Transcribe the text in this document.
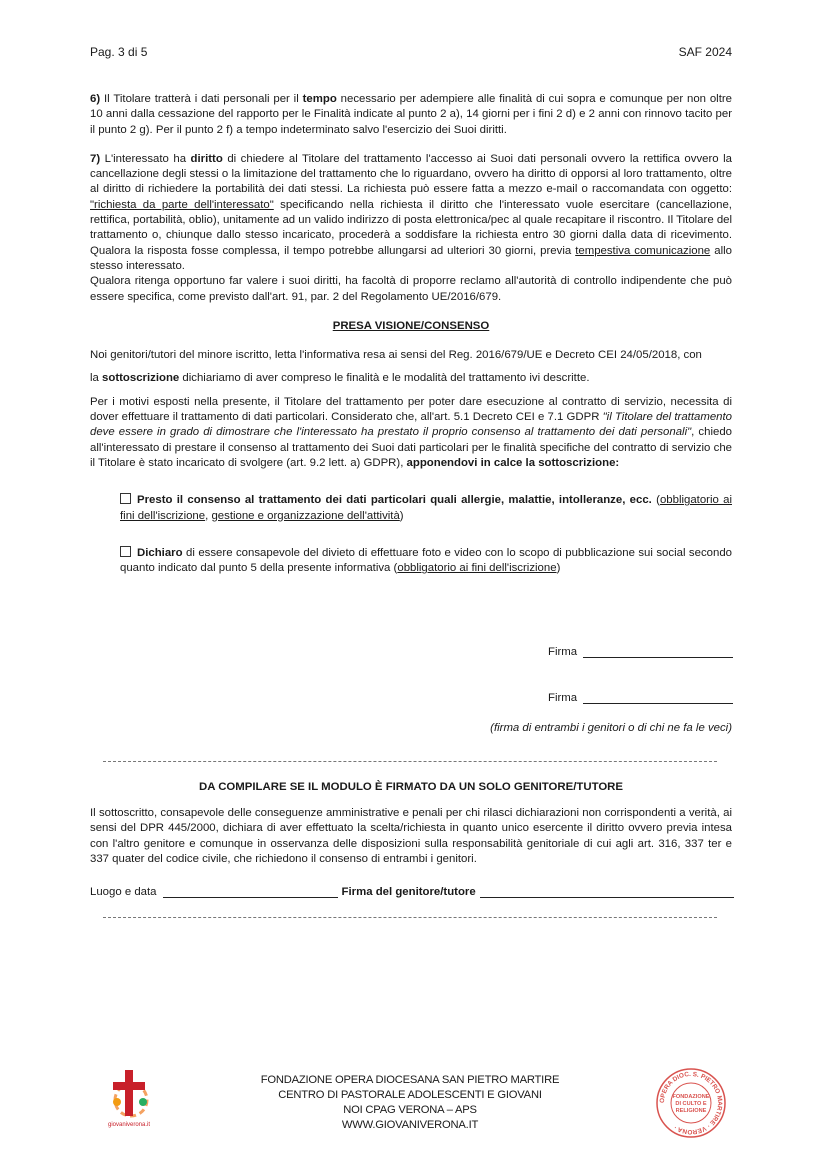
Pag. 3 di 5	SAF 2024

6) Il Titolare tratterà i dati personali per il tempo necessario per adempiere alle finalità di cui sopra e comunque per non oltre 10 anni dalla cessazione del rapporto per le Finalità indicate al punto 2 a), 14 giorni per i fini 2 d) e 2 anni con rinnovo tacito per il punto 2 g). Per il punto 2 f) a tempo indeterminato salvo l'esercizio dei Suoi diritti.

7) L'interessato ha diritto di chiedere al Titolare del trattamento l'accesso ai Suoi dati personali ovvero la rettifica ovvero la cancellazione degli stessi o la limitazione del trattamento che lo riguardano, ovvero ha diritto di opporsi al loro trattamento, oltre al diritto di richiedere la portabilità dei dati stessi. La richiesta può essere fatta a mezzo e-mail o raccomandata con oggetto: "richiesta da parte dell'interessato" specificando nella richiesta il diritto che l'interessato vuole esercitare (cancellazione, rettifica, portabilità, oblio), unitamente ad un valido indirizzo di posta elettronica/pec al quale recapitare il riscontro. Il Titolare del trattamento o, chiunque dallo stesso incaricato, procederà a soddisfare la richiesta entro 30 giorni dalla data di ricevimento. Qualora la risposta fosse complessa, il tempo potrebbe allungarsi ad ulteriori 30 giorni, previa tempestiva comunicazione allo stesso interessato.

Qualora ritenga opportuno far valere i suoi diritti, ha facoltà di proporre reclamo all'autorità di controllo indipendente che può essere specifica, come previsto dall'art. 91, par. 2 del Regolamento UE/2016/679.

PRESA VISIONE/CONSENSO

Noi genitori/tutori del minore iscritto, letta l'informativa resa ai sensi del Reg. 2016/679/UE e Decreto CEI 24/05/2018, con

la sottoscrizione dichiariamo di aver compreso le finalità e le modalità del trattamento ivi descritte.

Per i motivi esposti nella presente, il Titolare del trattamento per poter dare esecuzione al contratto di servizio, necessita di dover effettuare il trattamento di dati particolari. Considerato che, all'art. 5.1 Decreto CEI e 7.1 GDPR "il Titolare del trattamento deve essere in grado di dimostrare che l'interessato ha prestato il proprio consenso al trattamento dei dati personali", chiedo all'interessato di prestare il consenso al trattamento dei Suoi dati particolari per le finalità specifiche del contratto di servizio che il Titolare è stato incaricato di svolgere (art. 9.2 lett. a) GDPR), apponendovi in calce la sottoscrizione:

Presto il consenso al trattamento dei dati particolari quali allergie, malattie, intolleranze, ecc. (obbligatorio ai fini dell'iscrizione, gestione e organizzazione dell'attività)

Dichiaro di essere consapevole del divieto di effettuare foto e video con lo scopo di pubblicazione sui social secondo quanto indicato dal punto 5 della presente informativa (obbligatorio ai fini dell'iscrizione)

Firma
Firma
(firma di entrambi i genitori o di chi ne fa le veci)
DA COMPILARE SE IL MODULO È FIRMATO DA UN SOLO GENITORE/TUTORE
Il sottoscritto, consapevole delle conseguenze amministrative e penali per chi rilasci dichiarazioni non corrispondenti a verità, ai sensi del DPR 445/2000, dichiara di aver effettuato la scelta/richiesta in quanto unico esercente il diritto ovvero previa intesa con l'altro genitore e comunque in osservanza delle disposizioni sulla responsabilità genitoriale di cui agli art. 316, 337 ter e 337 quater del codice civile, che richiedono il consenso di entrambi i genitori.
Luogo e data	Firma del genitore/tutore
giovaniverona.it
FONDAZIONE OPERA DIOCESANA SAN PIETRO MARTIRE
CENTRO DI PASTORALE ADOLESCENTI E GIOVANI
NOI CPAG VERONA – APS
WWW.GIOVANIVERONA.IT
OPERA DIOC. S. PIETRO MARTIRE · VERONA ·
FONDAZIONE
DI CULTO E
RELIGIONE
